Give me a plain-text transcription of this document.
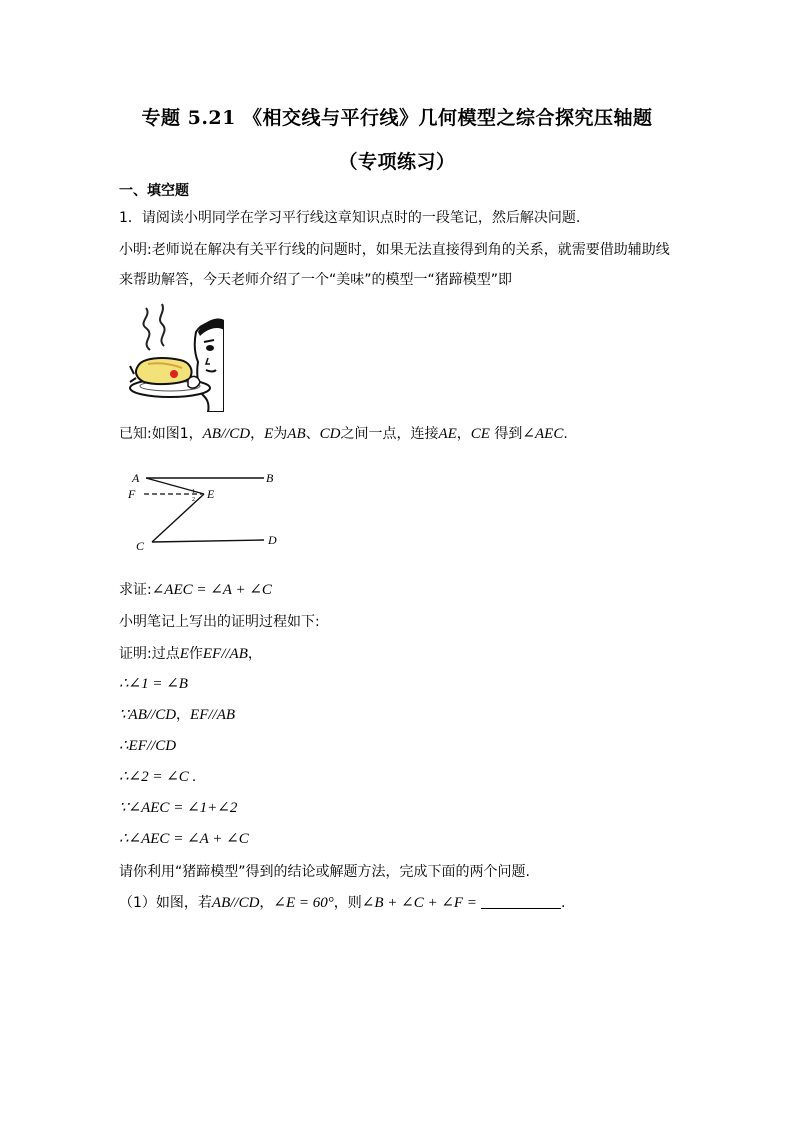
专题 5.21 《相交线与平行线》几何模型之综合探究压轴题
（专项练习）
一、填空题
1．请阅读小明同学在学习平行线这章知识点时的一段笔记，然后解决问题.
小明:老师说在解决有关平行线的问题时，如果无法直接得到角的关系，就需要借助辅助线
来帮助解答，今天老师介绍了一个“美味”的模型一“猪蹄模型”即
已知:如图1，AB//CD，E为AB、CD之间一点，连接AE，CE 得到∠AEC.
A	B
F	E
C	D
1
2
求证:∠AEC = ∠A + ∠C
小明笔记上写出的证明过程如下:
证明:过点E作EF//AB，
∴∠1 = ∠B
∵AB//CD，EF//AB
∴EF//CD
∴∠2 = ∠C .
∵∠AEC = ∠1+∠2
∴∠AEC = ∠A + ∠C
请你利用“猪蹄模型”得到的结论或解题方法，完成下面的两个问题.
（1）如图，若AB//CD，∠E = 60°，则∠B + ∠C + ∠F =	.
